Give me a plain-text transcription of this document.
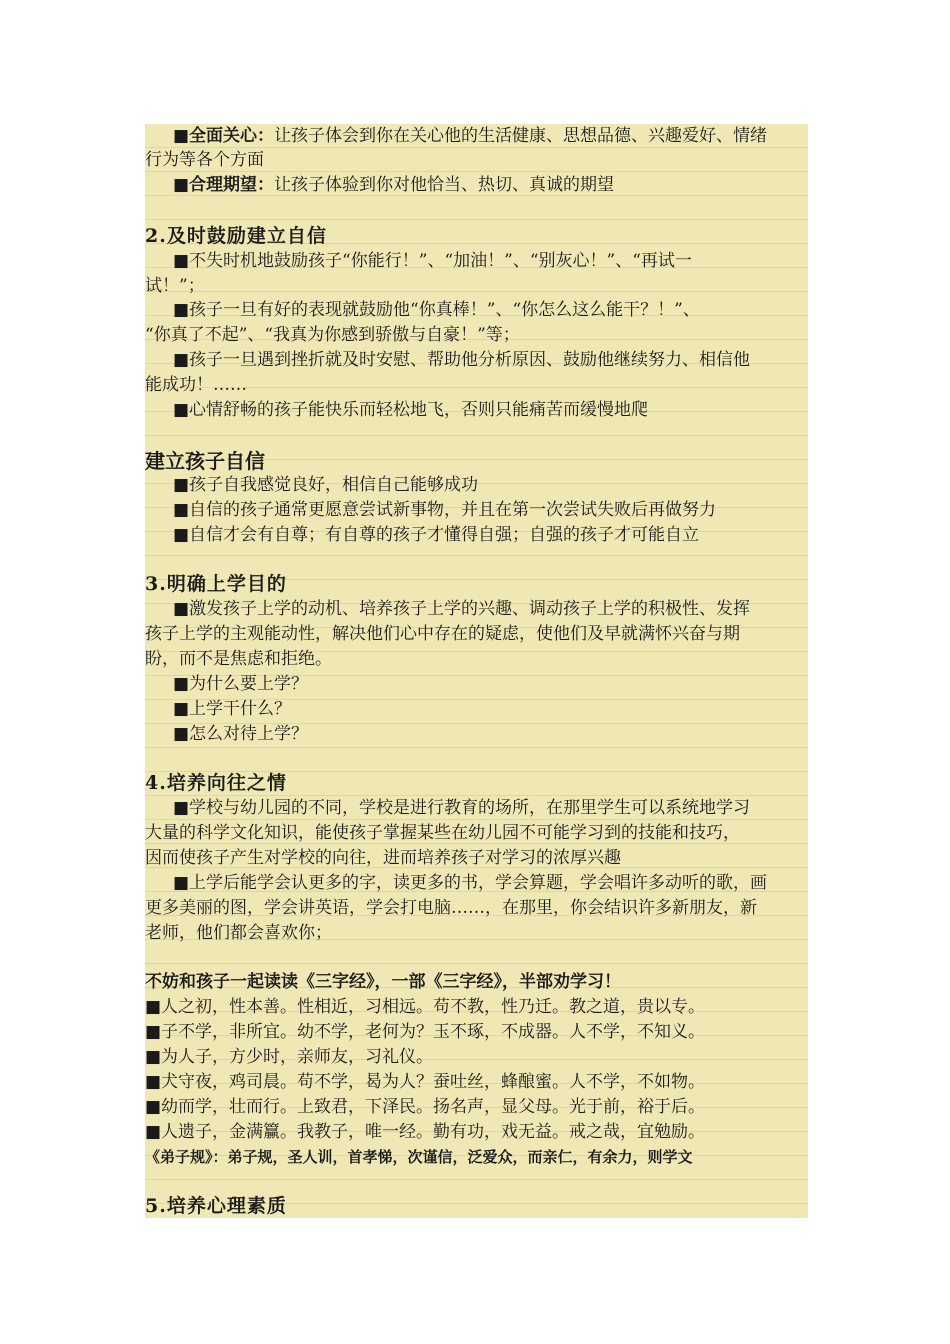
■全面关心：让孩子体会到你在关心他的生活健康、思想品德、兴趣爱好、情绪
行为等各个方面
■合理期望：让孩子体验到你对他恰当、热切、真诚的期望
2.及时鼓励建立自信
■不失时机地鼓励孩子“你能行！”、“加油！”、“别灰心！”、“再试一
试！”；
■孩子一旦有好的表现就鼓励他“你真棒！”、“你怎么这么能干？！”、
“你真了不起”、“我真为你感到骄傲与自豪！”等；
■孩子一旦遇到挫折就及时安慰、帮助他分析原因、鼓励他继续努力、相信他
能成功！……
■心情舒畅的孩子能快乐而轻松地飞，否则只能痛苦而缓慢地爬
建立孩子自信
■孩子自我感觉良好，相信自己能够成功
■自信的孩子通常更愿意尝试新事物，并且在第一次尝试失败后再做努力
■自信才会有自尊；有自尊的孩子才懂得自强；自强的孩子才可能自立
3.明确上学目的
■激发孩子上学的动机、培养孩子上学的兴趣、调动孩子上学的积极性、发挥
孩子上学的主观能动性，解决他们心中存在的疑虑，使他们及早就满怀兴奋与期
盼，而不是焦虑和拒绝。
■为什么要上学？
■上学干什么？
■怎么对待上学？
4.培养向往之情
■学校与幼儿园的不同，学校是进行教育的场所，在那里学生可以系统地学习
大量的科学文化知识，能使孩子掌握某些在幼儿园不可能学习到的技能和技巧，
因而使孩子产生对学校的向往，进而培养孩子对学习的浓厚兴趣
■上学后能学会认更多的字，读更多的书，学会算题，学会唱许多动听的歌，画
更多美丽的图，学会讲英语，学会打电脑……，在那里，你会结识许多新朋友，新
老师，他们都会喜欢你；
不妨和孩子一起读读《三字经》，一部《三字经》，半部劝学习！
■人之初，性本善。性相近，习相远。苟不教，性乃迁。教之道，贵以专。
■子不学，非所宜。幼不学，老何为？玉不琢，不成器。人不学，不知义。
■为人子，方少时，亲师友，习礼仪。
■犬守夜，鸡司晨。苟不学，曷为人？蚕吐丝，蜂酿蜜。人不学，不如物。
■幼而学，壮而行。上致君，下泽民。扬名声，显父母。光于前，裕于后。
■人遗子，金满籯。我教子，唯一经。勤有功，戏无益。戒之哉，宜勉励。
《弟子规》：弟子规，圣人训，首孝悌，次谨信，泛爱众，而亲仁，有余力，则学文
5.培养心理素质
